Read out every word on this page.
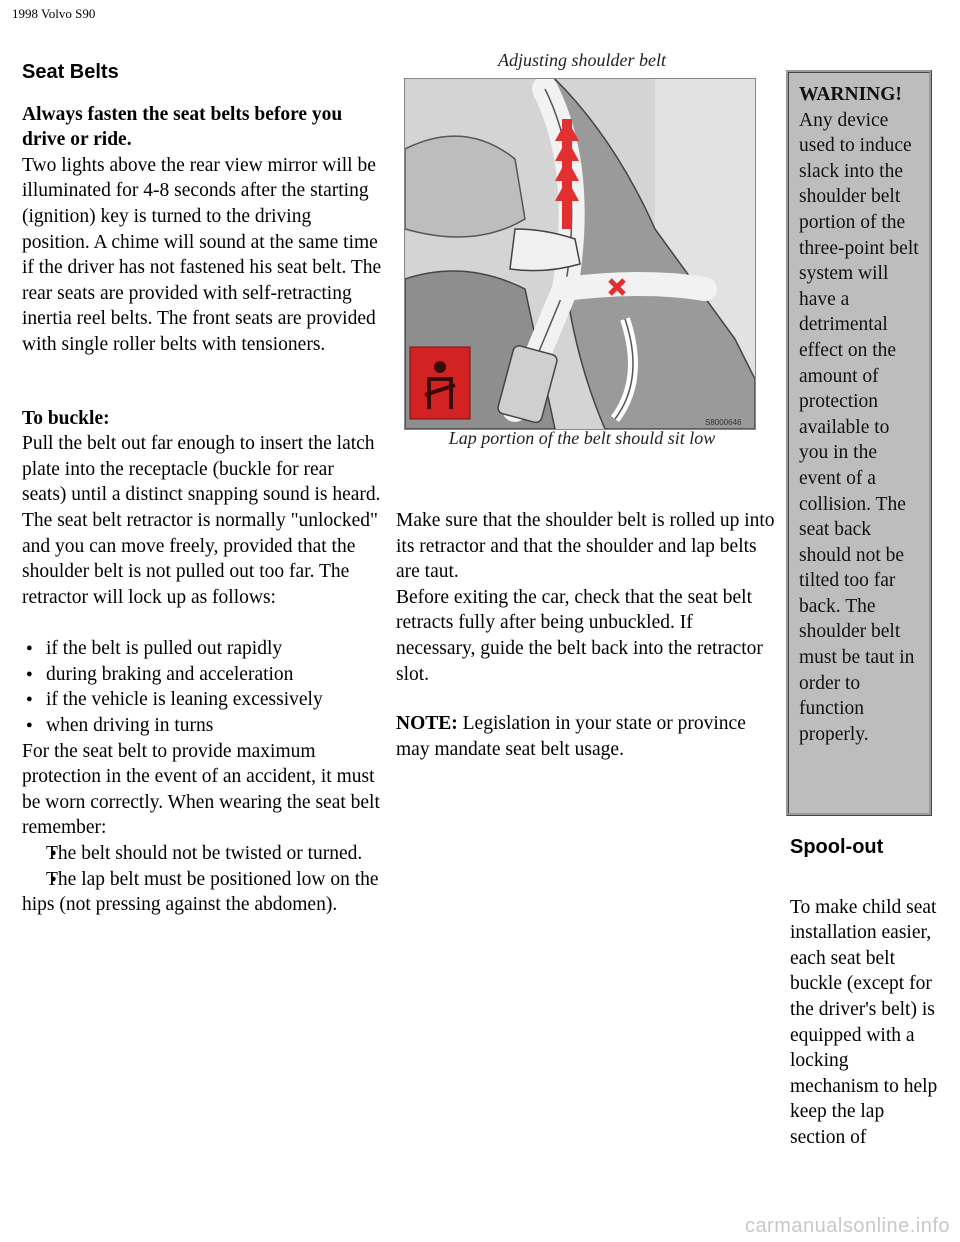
1998 Volvo S90
Seat Belts

Always fasten the seat belts before you drive or ride.

Two lights above the rear view mirror will be illuminated for 4-8 seconds after the starting (ignition) key is turned to the driving position. A chime will sound at the same time if the driver has not fastened his seat belt. The rear seats are provided with self-retracting inertia reel belts. The front seats are provided with single roller belts with tensioners.

To buckle:

Pull the belt out far enough to insert the latch plate into the receptacle (buckle for rear seats) until a distinct snapping sound is heard. The seat belt retractor is normally "unlocked" and you can move freely, provided that the shoulder belt is not pulled out too far. The retractor will lock up as follows:

● if the belt is pulled out rapidly
● during braking and acceleration
● if the vehicle is leaning excessively
● when driving in turns

For the seat belt to provide maximum protection in the event of an accident, it must be worn correctly. When wearing the seat belt remember:

● The belt should not be twisted or turned.
● The lap belt must be positioned low on the hips (not pressing against the abdomen).
Adjusting shoulder belt
S8000646
Lap portion of the belt should sit low

Make sure that the shoulder belt is rolled up into its retractor and that the shoulder and lap belts are taut.

Before exiting the car, check that the seat belt retracts fully after being unbuckled. If necessary, guide the belt back into the retractor slot.

NOTE: Legislation in your state or province may mandate seat belt usage.

WARNING!
Any device used to induce slack into the shoulder belt portion of the three-point belt system will have a detrimental effect on the amount of protection available to you in the event of a collision. The seat back should not be tilted too far back. The shoulder belt must be taut in order to function properly.
Spool-out

To make child seat installation easier, each seat belt buckle (except for the driver's belt) is equipped with a locking mechanism to help keep the lap section of

carmanualsonline.info
